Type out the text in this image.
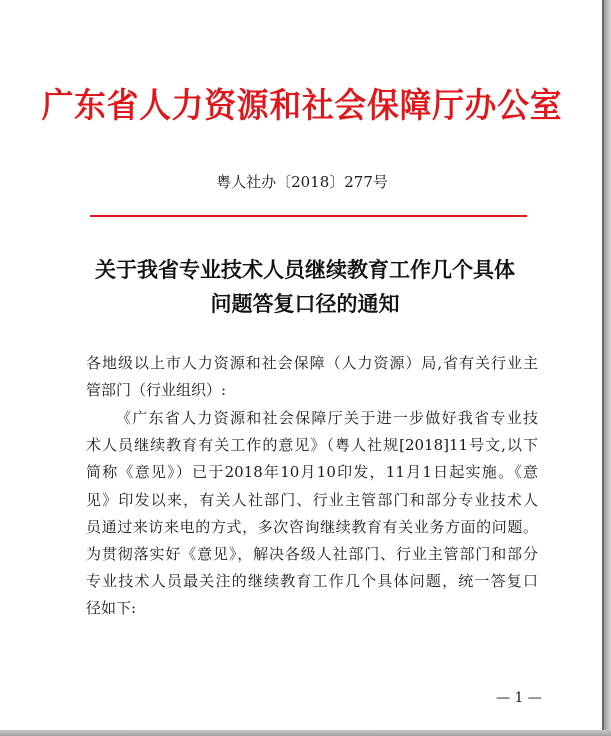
广东省人力资源和社会保障厅办公室
粤人社办〔2018〕277号
关于我省专业技术人员继续教育工作几个具体
问题答复口径的通知
各地级以上市人力资源和社会保障（人力资源）局,省有关行业主
管部门（行业组织）:
《广东省人力资源和社会保障厅关于进一步做好我省专业技
术人员继续教育有关工作的意见》（粤人社规[2018]11号文,以下
简称《意见》）已于2018年10月10印发，11月1日起实施。《意
见》印发以来，有关人社部门、行业主管部门和部分专业技术人
员通过来访来电的方式，多次咨询继续教育有关业务方面的问题。
为贯彻落实好《意见》，解决各级人社部门、行业主管部门和部分
专业技术人员最关注的继续教育工作几个具体问题，统一答复口
径如下:
— 1 —
